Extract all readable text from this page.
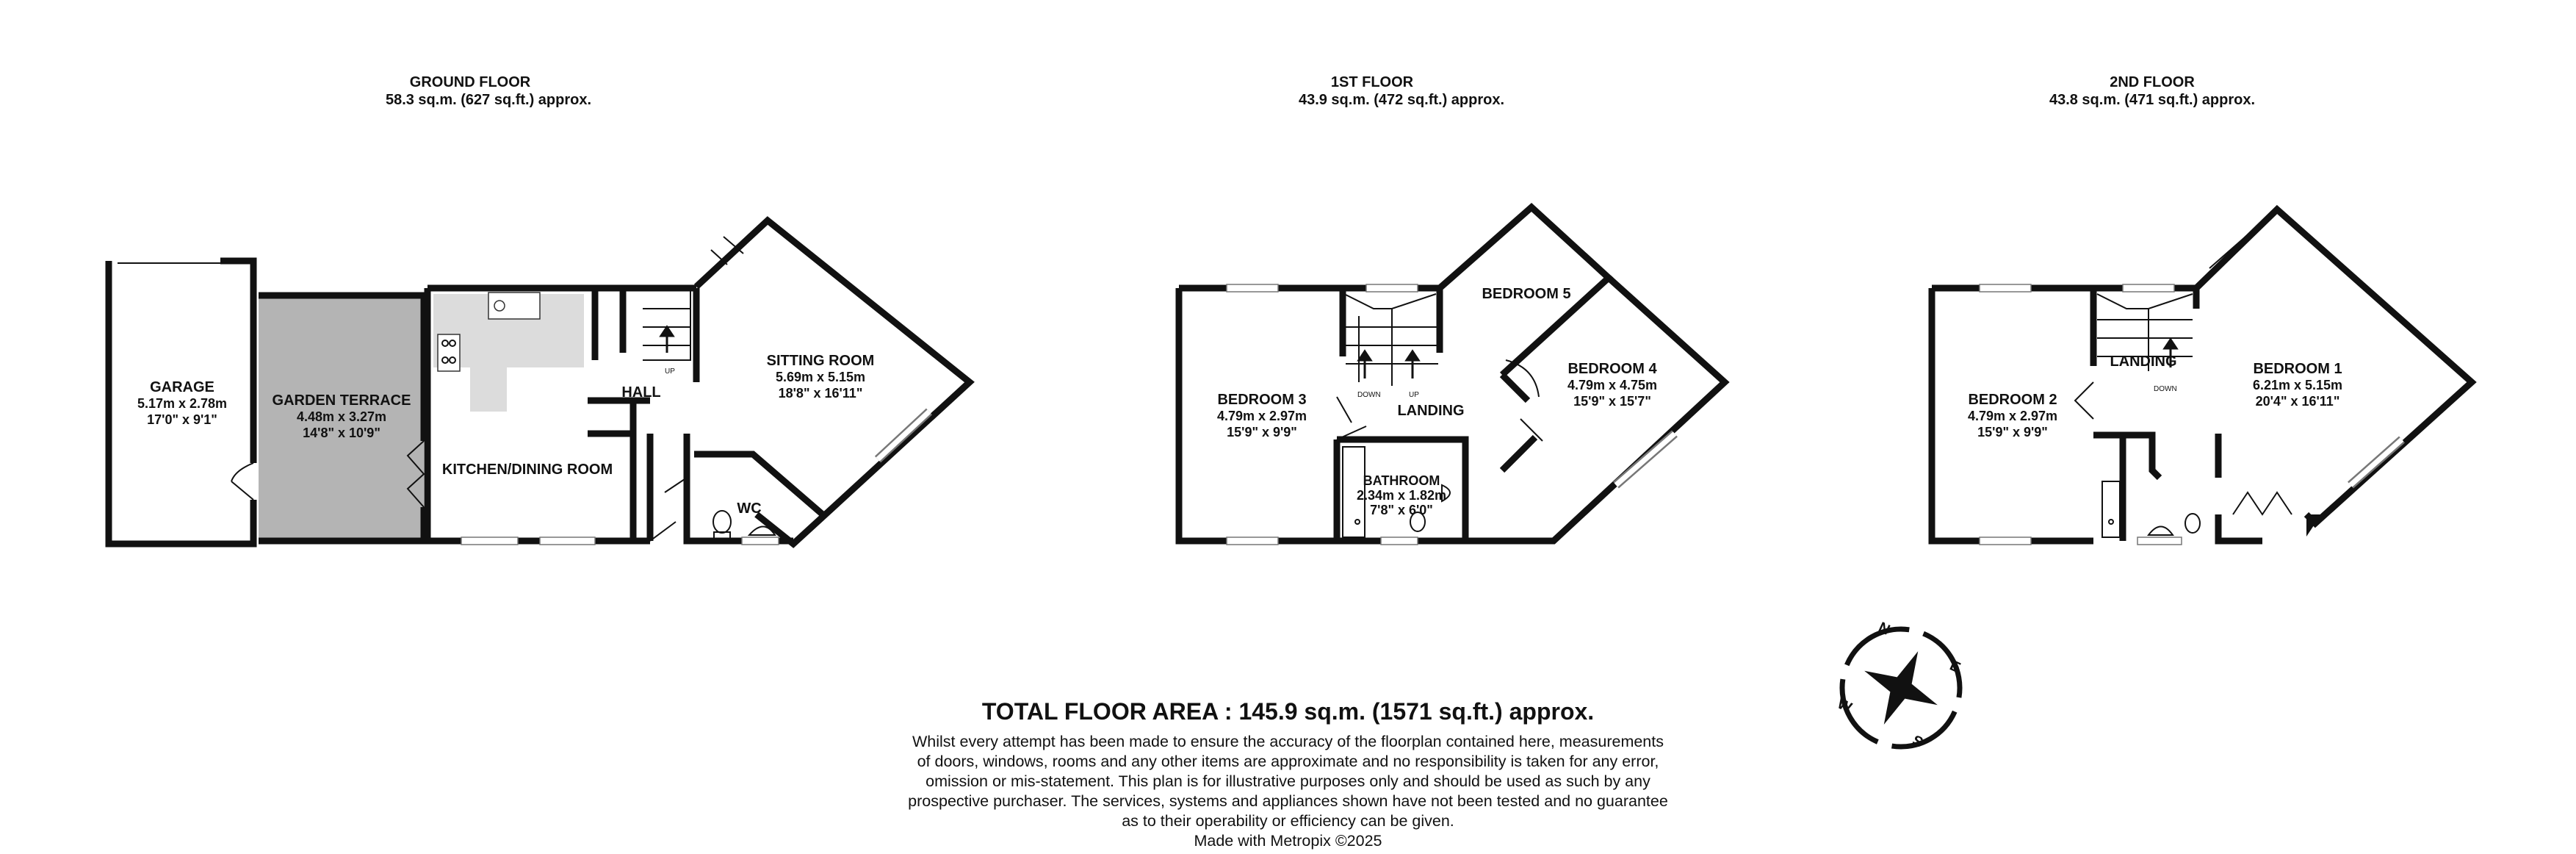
GROUND FLOOR
58.3 sq.m. (627 sq.ft.) approx.
1ST FLOOR
43.9 sq.m. (472 sq.ft.) approx.
2ND FLOOR
43.8 sq.m. (471 sq.ft.) approx.
UP
GARAGE
5.17m x 2.78m
17'0" x 9'1"
GARDEN TERRACE
4.48m x 3.27m
14'8" x 10'9"
KITCHEN/DINING ROOM
HALL
SITTING ROOM
5.69m x 5.15m
18'8" x 16'11"
WC
DOWN	UP
BEDROOM 3
4.79m x 2.97m
15'9" x 9'9"
BEDROOM 5
BEDROOM 4
4.79m x 4.75m
15'9" x 15'7"
LANDING
BATHROOM
2.34m x 1.82m
7'8" x 6'0"
DOWN
BEDROOM 2
4.79m x 2.97m
15'9" x 9'9"
LANDING	BEDROOM 1
6.21m x 5.15m
20'4" x 16'11"
N
E
S
W
TOTAL FLOOR AREA : 145.9 sq.m. (1571 sq.ft.) approx.
Whilst every attempt has been made to ensure the accuracy of the floorplan contained here, measurements
of doors, windows, rooms and any other items are approximate and no responsibility is taken for any error,
omission or mis-statement. This plan is for illustrative purposes only and should be used as such by any
prospective purchaser. The services, systems and appliances shown have not been tested and no guarantee
as to their operability or efficiency can be given.
Made with Metropix ©2025
